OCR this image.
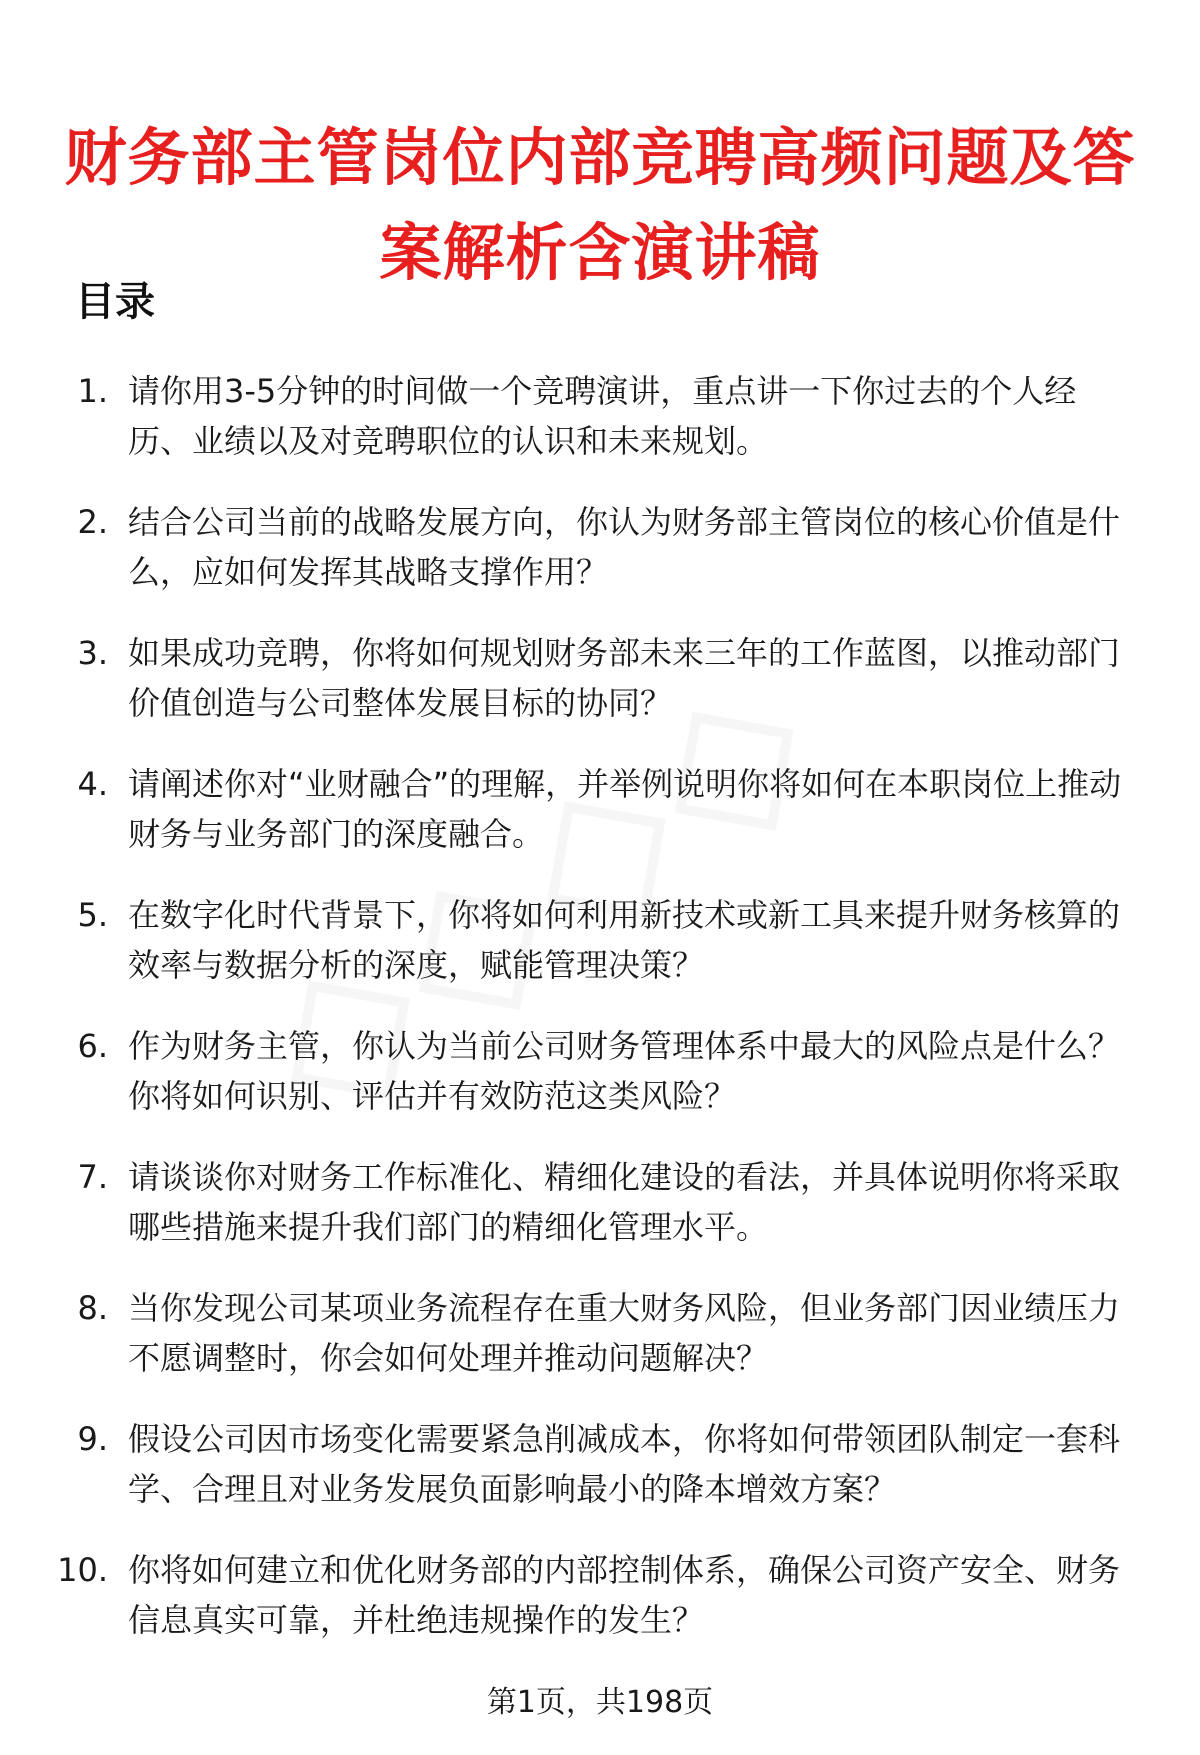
财务部主管岗位内部竞聘高频问题及答案解析含演讲稿
目录
1. 请你用3-5分钟的时间做一个竞聘演讲，重点讲一下你过去的个人经历、业绩以及对竞聘职位的认识和未来规划。
2. 结合公司当前的战略发展方向，你认为财务部主管岗位的核心价值是什么，应如何发挥其战略支撑作用？
3. 如果成功竞聘，你将如何规划财务部未来三年的工作蓝图，以推动部门价值创造与公司整体发展目标的协同？
4. 请阐述你对“业财融合”的理解，并举例说明你将如何在本职岗位上推动财务与业务部门的深度融合。
5. 在数字化时代背景下，你将如何利用新技术或新工具来提升财务核算的效率与数据分析的深度，赋能管理决策？
6. 作为财务主管，你认为当前公司财务管理体系中最大的风险点是什么？你将如何识别、评估并有效防范这类风险？
7. 请谈谈你对财务工作标准化、精细化建设的看法，并具体说明你将采取哪些措施来提升我们部门的精细化管理水平。
8. 当你发现公司某项业务流程存在重大财务风险，但业务部门因业绩压力不愿调整时，你会如何处理并推动问题解决？
9. 假设公司因市场变化需要紧急削减成本，你将如何带领团队制定一套科学、合理且对业务发展负面影响最小的降本增效方案？
10. 你将如何建立和优化财务部的内部控制体系，确保公司资产安全、财务信息真实可靠，并杜绝违规操作的发生？
第1页，共198页
